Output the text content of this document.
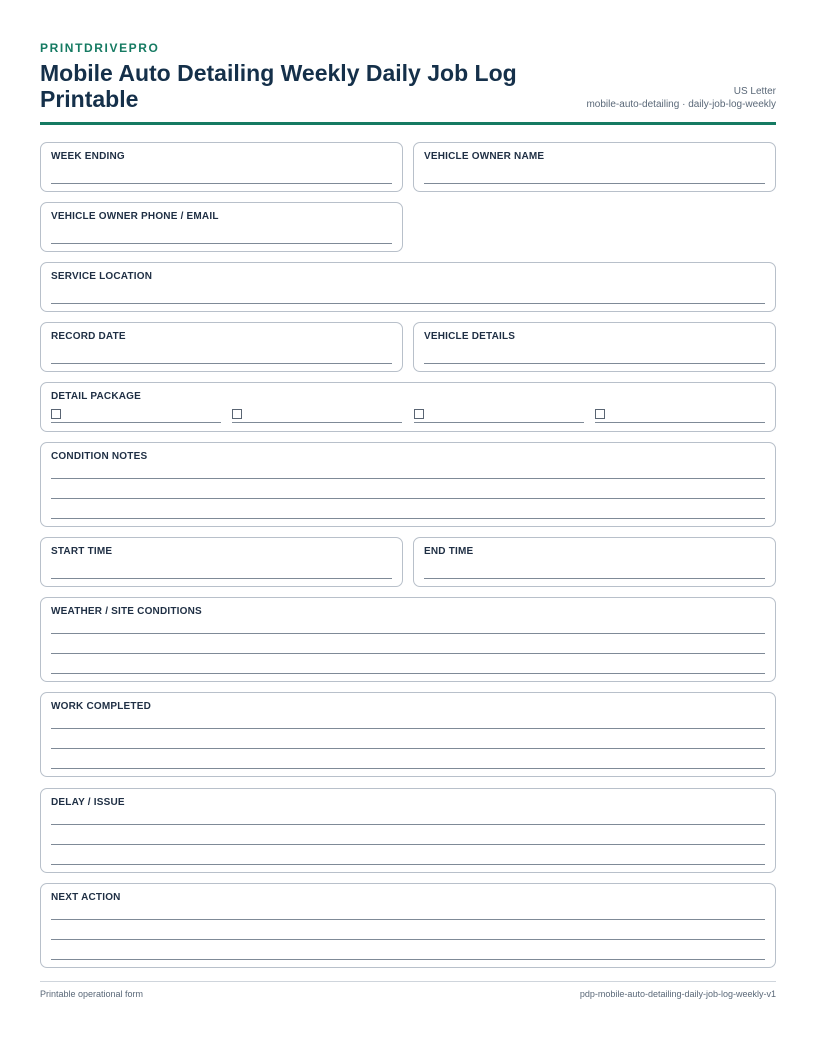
PRINTDRIVEPRO
Mobile Auto Detailing Weekly Daily Job Log Printable	US Letter
mobile-auto-detailing · daily-job-log-weekly
WEEK ENDING	VEHICLE OWNER NAME
VEHICLE OWNER PHONE / EMAIL
SERVICE LOCATION
RECORD DATE	VEHICLE DETAILS
DETAIL PACKAGE
CONDITION NOTES
START TIME	END TIME
WEATHER / SITE CONDITIONS
WORK COMPLETED
DELAY / ISSUE
NEXT ACTION
Printable operational form	pdp-mobile-auto-detailing-daily-job-log-weekly-v1
